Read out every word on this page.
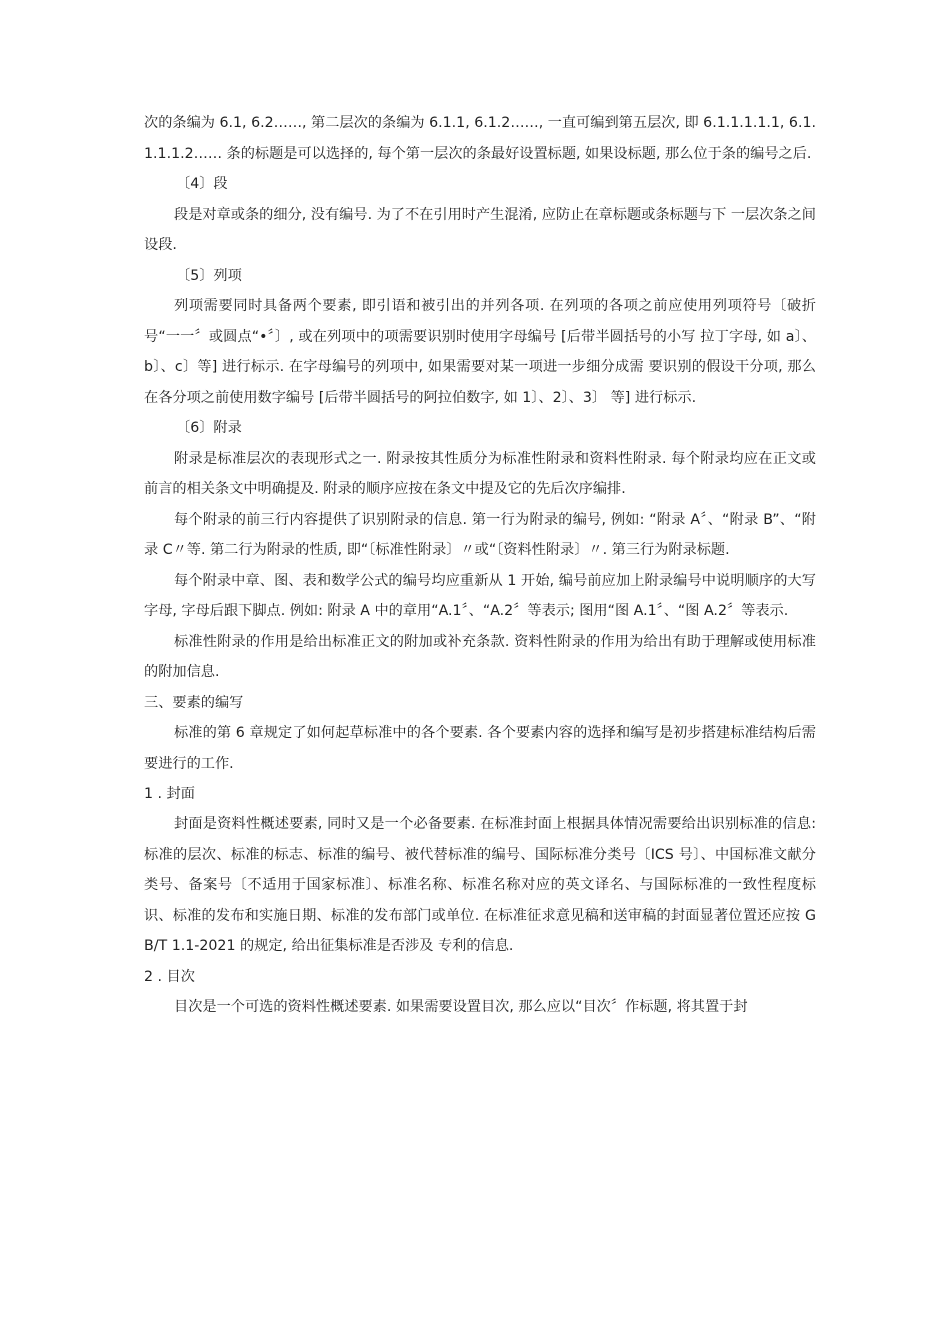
次的条编为 6.1, 6.2……, 第二层次的条编为 6.1.1, 6.1.2……, 一直可编到第五层次, 即 6.1.1.1.1.1, 6.1.1.1.1.2…… 条的标题是可以选择的, 每个第一层次的条最好设置标题, 如果设标题, 那么位于条的编号之后.

〔4〕段

段是对章或条的细分, 没有编号. 为了不在引用时产生混淆, 应防止在章标题或条标题与下 一层次条之间设段.

〔5〕列项

列项需要同时具备两个要素, 即引语和被引出的并列各项. 在列项的各项之前应使用列项符号〔破折号“一一〞或圆点“•〞〕, 或在列项中的项需要识别时使用字母编号 [后带半圆括号的小写 拉丁字母, 如 a〕、b〕、c〕等] 进行标示. 在字母编号的列项中, 如果需要对某一项进一步细分成需 要识别的假设干分项, 那么在各分项之前使用数字编号 [后带半圆括号的阿拉伯数字, 如 1〕、2〕、3〕 等] 进行标示.

〔6〕附录

附录是标准层次的表现形式之一. 附录按其性质分为标准性附录和资料性附录. 每个附录均应在正文或前言的相关条文中明确提及. 附录的顺序应按在条文中提及它的先后次序编排.

每个附录的前三行内容提供了识别附录的信息. 第一行为附录的编号, 例如: “附录 A〞、“附录 B”、“附录 C〃等. 第二行为附录的性质, 即“〔标准性附录〕〃或“〔资料性附录〕〃. 第三行为附录标题.

每个附录中章、图、表和数学公式的编号均应重新从 1 开始, 编号前应加上附录编号中说明顺序的大写字母, 字母后跟下脚点. 例如: 附录 A 中的章用“A.1〞、“A.2〞等表示; 图用“图 A.1〞、“图 A.2〞等表示.

标准性附录的作用是给出标准正文的附加或补充条款. 资料性附录的作用为给出有助于理解或使用标准的附加信息.

三、要素的编写

标准的第 6 章规定了如何起草标准中的各个要素. 各个要素内容的选择和编写是初步搭建标准结构后需要进行的工作.

1 . 封面

封面是资料性概述要素, 同时又是一个必备要素. 在标准封面上根据具体情况需要给出识别标准的信息: 标准的层次、标准的标志、标准的编号、被代替标准的编号、国际标准分类号〔ICS 号〕、中国标准文献分类号、备案号〔不适用于国家标准〕、标准名称、标准名称对应的英文译名、与国际标准的一致性程度标识、标准的发布和实施日期、标准的发布部门或单位. 在标准征求意见稿和送审稿的封面显著位置还应按 GB/T 1.1-2021 的规定, 给出征集标准是否涉及 专利的信息.

2 . 目次

目次是一个可选的资料性概述要素. 如果需要设置目次, 那么应以“目次〞作标题, 将其置于封
